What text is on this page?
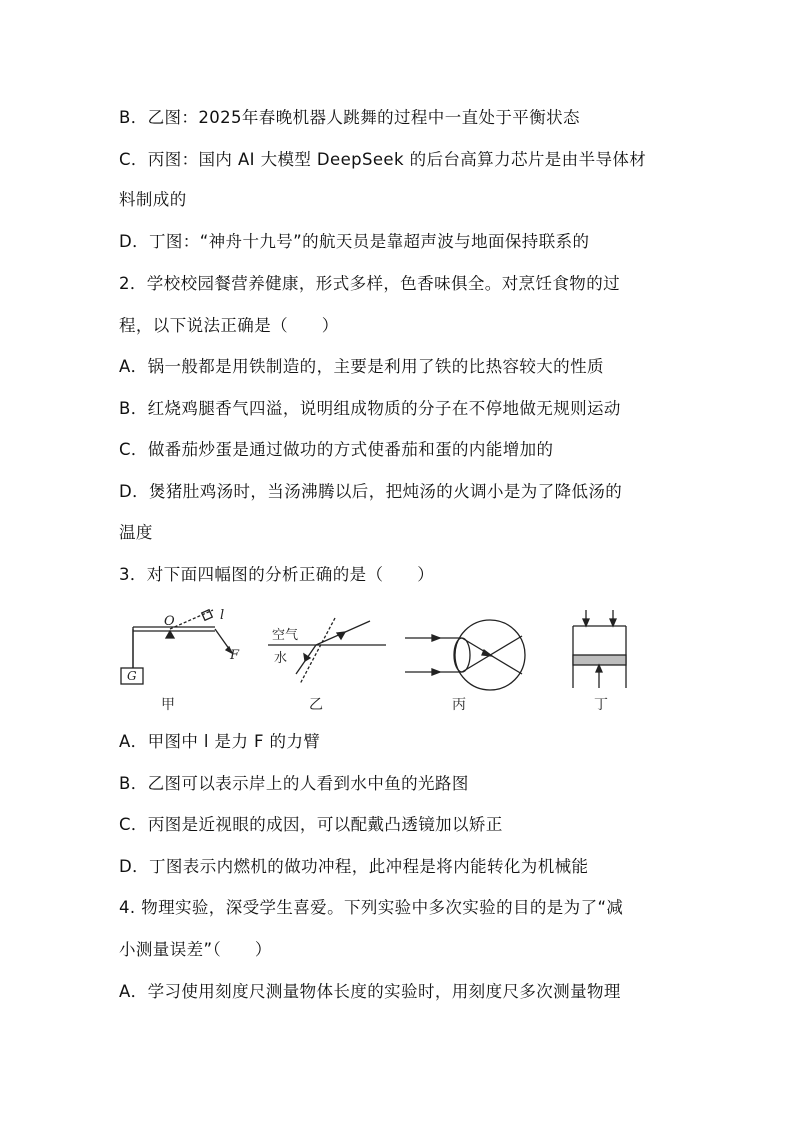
B．乙图：2025年春晚机器人跳舞的过程中一直处于平衡状态
C．丙图：国内 AI 大模型 DeepSeek 的后台高算力芯片是由半导体材
料制成的
D．丁图：“神舟十九号”的航天员是靠超声波与地面保持联系的
2．学校校园餐营养健康，形式多样，色香味俱全。对烹饪食物的过
程，以下说法正确是（　　）
A．锅一般都是用铁制造的，主要是利用了铁的比热容较大的性质
B．红烧鸡腿香气四溢，说明组成物质的分子在不停地做无规则运动
C．做番茄炒蛋是通过做功的方式使番茄和蛋的内能增加的
D．煲猪肚鸡汤时，当汤沸腾以后，把炖汤的火调小是为了降低汤的
温度
3．对下面四幅图的分析正确的是（　　）
O	l
F
G
空气
水
甲	乙	丙	丁
A．甲图中 l 是力 F 的力臂
B．乙图可以表示岸上的人看到水中鱼的光路图
C．丙图是近视眼的成因，可以配戴凸透镜加以矫正
D．丁图表示内燃机的做功冲程，此冲程是将内能转化为机械能
4. 物理实验，深受学生喜爱。下列实验中多次实验的目的是为了“减
小测量误差”（　　）
A．学习使用刻度尺测量物体长度的实验时，用刻度尺多次测量物理
